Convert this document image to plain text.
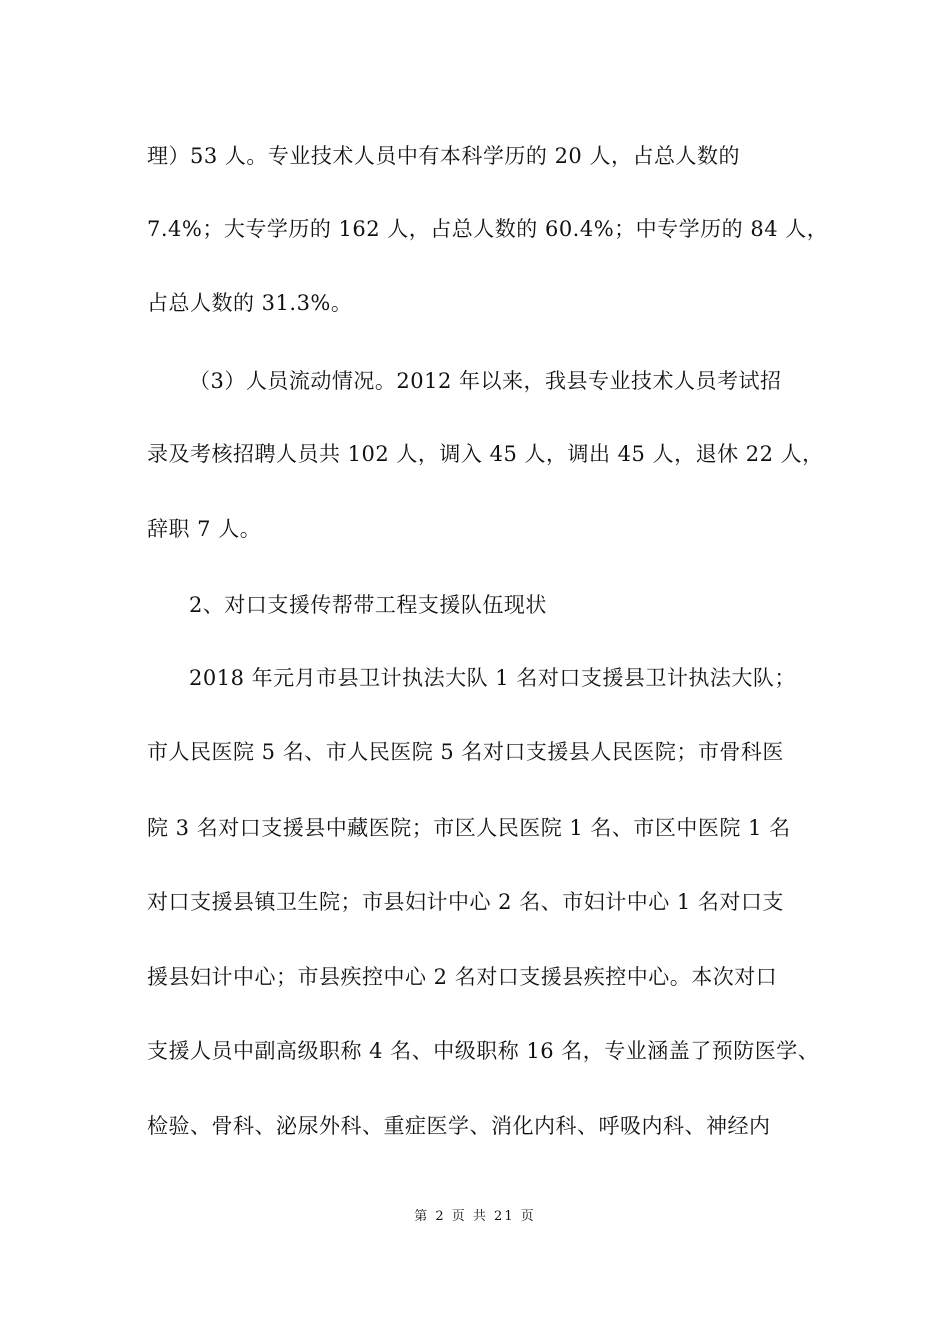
理）53 人。专业技术人员中有本科学历的 20 人，占总人数的
7.4%；大专学历的 162 人，占总人数的 60.4%；中专学历的 84 人，
占总人数的 31.3%。
（3）人员流动情况。2012 年以来，我县专业技术人员考试招
录及考核招聘人员共 102 人，调入 45 人，调出 45 人，退休 22 人，
辞职 7 人。
2、对口支援传帮带工程支援队伍现状
2018 年元月市县卫计执法大队 1 名对口支援县卫计执法大队；
市人民医院 5 名、市人民医院 5 名对口支援县人民医院；市骨科医
院 3 名对口支援县中藏医院；市区人民医院 1 名、市区中医院 1 名
对口支援县镇卫生院；市县妇计中心 2 名、市妇计中心 1 名对口支
援县妇计中心；市县疾控中心 2 名对口支援县疾控中心。本次对口
支援人员中副高级职称 4 名、中级职称 16 名，专业涵盖了预防医学、
检验、骨科、泌尿外科、重症医学、消化内科、呼吸内科、神经内
第 2 页 共 21 页
